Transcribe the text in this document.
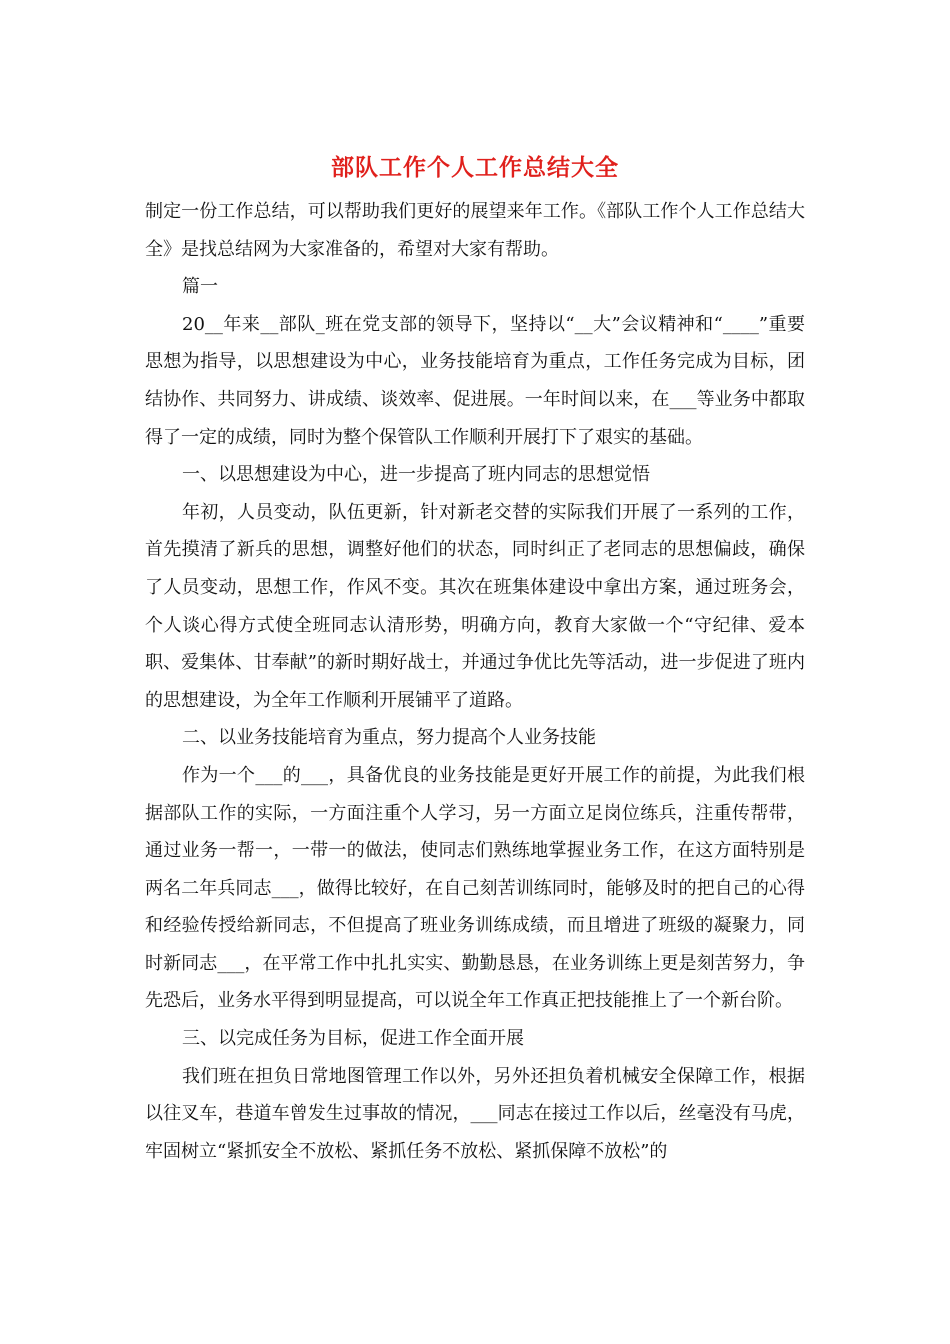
部队工作个人工作总结大全

制定一份工作总结，可以帮助我们更好的展望来年工作。《部队工作个人工作总结大全》是找总结网为大家准备的，希望对大家有帮助。

篇一

20__年来__部队_班在党支部的领导下，坚持以“__大”会议精神和“____”重要思想为指导，以思想建设为中心，业务技能培育为重点，工作任务完成为目标，团结协作、共同努力、讲成绩、谈效率、促进展。一年时间以来，在___等业务中都取得了一定的成绩，同时为整个保管队工作顺利开展打下了艰实的基础。

一、以思想建设为中心，进一步提高了班内同志的思想觉悟

年初，人员变动，队伍更新，针对新老交替的实际我们开展了一系列的工作，首先摸清了新兵的思想，调整好他们的状态，同时纠正了老同志的思想偏歧，确保了人员变动，思想工作，作风不变。其次在班集体建设中拿出方案，通过班务会，个人谈心得方式使全班同志认清形势，明确方向，教育大家做一个“守纪律、爱本职、爱集体、甘奉献”的新时期好战士，并通过争优比先等活动，进一步促进了班内的思想建设，为全年工作顺利开展铺平了道路。

二、以业务技能培育为重点，努力提高个人业务技能

作为一个___的___，具备优良的业务技能是更好开展工作的前提，为此我们根据部队工作的实际，一方面注重个人学习，另一方面立足岗位练兵，注重传帮带，通过业务一帮一，一带一的做法，使同志们熟练地掌握业务工作，在这方面特别是两名二年兵同志___，做得比较好，在自己刻苦训练同时，能够及时的把自己的心得和经验传授给新同志，不但提高了班业务训练成绩，而且增进了班级的凝聚力，同时新同志___，在平常工作中扎扎实实、勤勤恳恳，在业务训练上更是刻苦努力，争先恐后，业务水平得到明显提高，可以说全年工作真正把技能推上了一个新台阶。

三、以完成任务为目标，促进工作全面开展

我们班在担负日常地图管理工作以外，另外还担负着机械安全保障工作，根据以往叉车，巷道车曾发生过事故的情况，___同志在接过工作以后，丝毫没有马虎，牢固树立“紧抓安全不放松、紧抓任务不放松、紧抓保障不放松”的
